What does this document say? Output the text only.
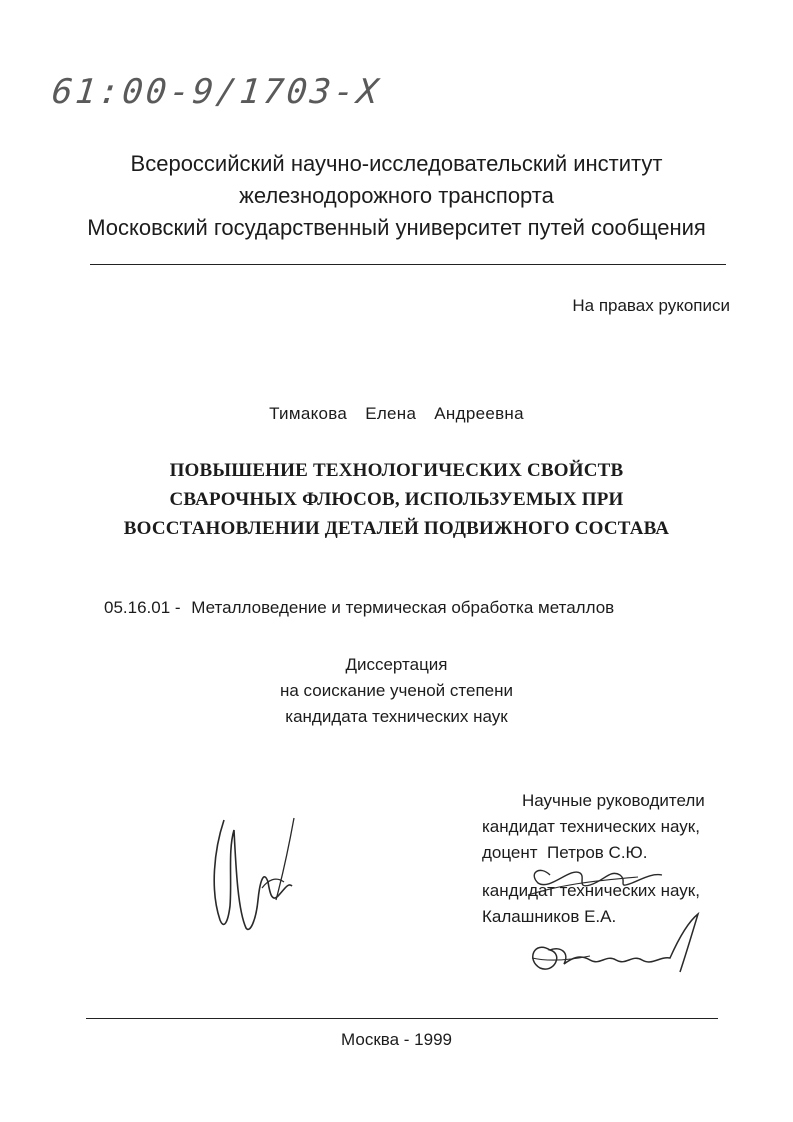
61:00-9/1703-X
Всероссийский научно-исследовательский институт
железнодорожного транспорта
Московский государственный университет путей сообщения
На правах рукописи
Тимакова  Елена  Андреевна
ПОВЫШЕНИЕ ТЕХНОЛОГИЧЕСКИХ СВОЙСТВ
СВАРОЧНЫХ ФЛЮСОВ, ИСПОЛЬЗУЕМЫХ ПРИ
ВОССТАНОВЛЕНИИ ДЕТАЛЕЙ ПОДВИЖНОГО СОСТАВА
05.16.01 - Металловедение и термическая обработка металлов
Диссертация
на соискание ученой степени
кандидата технических наук
Научные руководители
кандидат технических наук,
доцент  Петров С.Ю.
кандидат технических наук,
Калашников Е.А.
Москва - 1999
